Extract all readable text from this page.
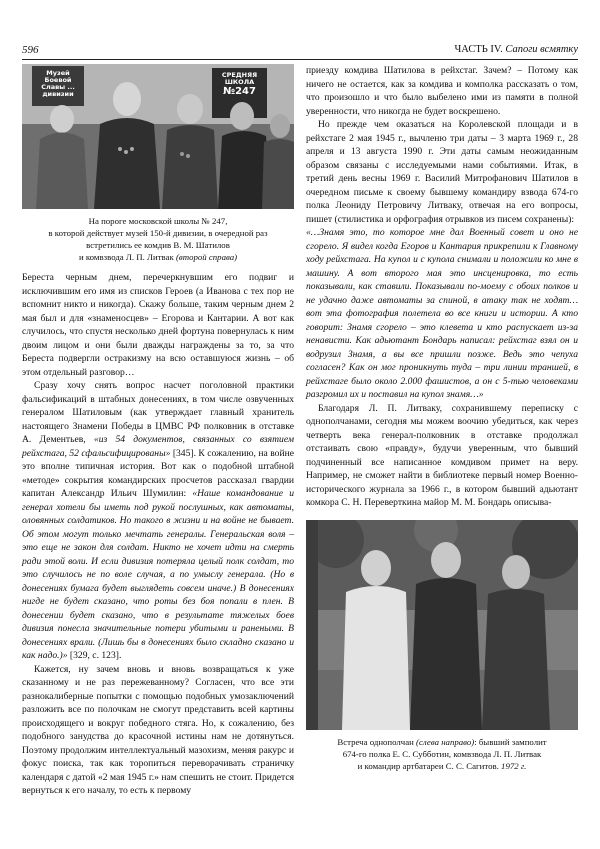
596	ЧАСТЬ IV. Сапоги всмятку
Музей Боевой Славы ... дивизии
СРЕДНЯЯ ШКОЛА
№247
На пороге московской школы № 247,
в которой действует музей 150-й дивизии, в очередной раз
встретились ее комдив В. М. Шатилов
и комвзвода Л. П. Литвак (второй справа)

Береста черным днем, перечеркнувшим его подвиг и исключившим его имя из списков Героев (а Иванова с тех пор не вспомнит никто и никогда). Скажу больше, таким черным днем 2 мая был и для «знаменосцев» – Егорова и Кантарии. А вот как случилось, что спустя несколько дней фортуна повернулась к ним двоим лицом и они были дважды награждены за то, за что Береста подвергли остракизму на всю оставшуюся жизнь – об этом отдельный разговор…

Сразу хочу снять вопрос насчет поголовной практики фальсификаций в штабных донесениях, в том числе озвученных генералом Шатиловым (как утверждает главный хранитель настоящего Знамени Победы в ЦМВС РФ полковник в отставке А. Дементьев, «из 54 документов, связанных со взятием рейхстага, 52 сфальсифицированы» [345]. К сожалению, на войне это вполне типичная история. Вот как о подобной штабной «методе» сокрытия командирских просчетов рассказал гвардии капитан Александр Ильич Шумилин: «Наше командование и генерал хотели бы иметь под рукой послушных, как автоматы, оловянных солдатиков. Но такого в жизни и на войне не бывает. Об этом могут только мечтать генералы. Генеральская воля – это еще не закон для солдат. Никто не хочет идти на смерть ради этой воли. И если дивизия потеряла целый полк солдат, то это случилось не по воле случая, а по умыслу генерала. (Но в донесениях бумага будет выглядеть совсем иначе.) В донесениях нигде не будет сказано, что роты без боя попали в плен. В донесении будет сказано, что в результате тяжелых боев дивизия понесла значительные потери убитыми и ранеными. В донесениях врали. (Лишь бы в донесениях было складно сказано и как надо.)» [329, с. 123].

Кажется, ну зачем вновь и вновь возвращаться к уже сказанному и не раз пережеванному? Согласен, что все эти разнокалиберные попытки с помощью подобных умозаключений разложить все по полочкам не смогут представить всей картины происходящего и вокруг победного стяга. Но, к сожалению, без подобного занудства до красочной истины нам не дотянуться. Поэтому продолжим интеллектуальный мазохизм, меняя ракурс и фокус поиска, так как торопиться переворачивать страничку календаря с датой «2 мая 1945 г.» нам спешить не стоит. Придется вернуться к его началу, то есть к первому

приезду комдива Шатилова в рейхстаг. Зачем? – Потому как ничего не остается, как за комдива и комполка рассказать о том, что произошло и что было выбелено ими из памяти в полной уверенности, что никогда не будет воскрешено.

Но прежде чем оказаться на Королевской площади и в рейхстаге 2 мая 1945 г., вычленю три даты – 3 марта 1969 г., 28 апреля и 13 августа 1990 г. Эти даты самым неожиданным образом связаны с исследуемыми нами событиями. Итак, в третий день весны 1969 г. Василий Митрофанович Шатилов в очередном письме к своему бывшему командиру взвода 674-го полка Леониду Петровичу Литваку, отвечая на его вопросы, пишет (стилистика и орфография отрывков из писем сохранены):

«…Знамя это, то которое мне дал Военный совет и оно не сгорело. Я видел когда Егоров и Кантария прикрепили к Главному ходу рейхстага. На купол и с купола снимали и положили ко мне в машину. А вот второго мая это инсценировка, то есть показывали, как ставили. Показывали по-моему с обоих полков и не удачно даже автоматы за спиной, в атаку так не ходят… вот эта фотография полетела во все книги и истории. А кто говорит: Знамя сгорело – это клевета и кто распускает из-за ненависти. Как адьютант Бондарь написал: рейхстаг взял он и водрузил Знамя, а вы все пришли позже. Ведь это чепуха согласен? Как он мог проникнуть туда – три линии траншей, в рейхстаге было около 2.000 фашистов, а он с 5-mью человеками разгромил их и поставил на купол знамя…»

Благодаря Л. П. Литваку, сохранившему переписку с однополчанами, сегодня мы можем воочию убедиться, как через четверть века генерал-полковник в отставке продолжал отстаивать свою «правду», будучи уверенным, что бывший подчиненный все написанное комдивом примет на веру. Например, не сможет найти в библиотеке первый номер Военно-исторического журнала за 1966 г., в котором бывший адьютант комкора С. Н. Переверткина майор М. М. Бондарь описыва-

Встреча однополчан (слева направо): бывший замполит
674-го полка Е. С. Субботин, комвзвода Л. П. Литвак
и командир артбатареи С. С. Сагитов. 1972 г.
